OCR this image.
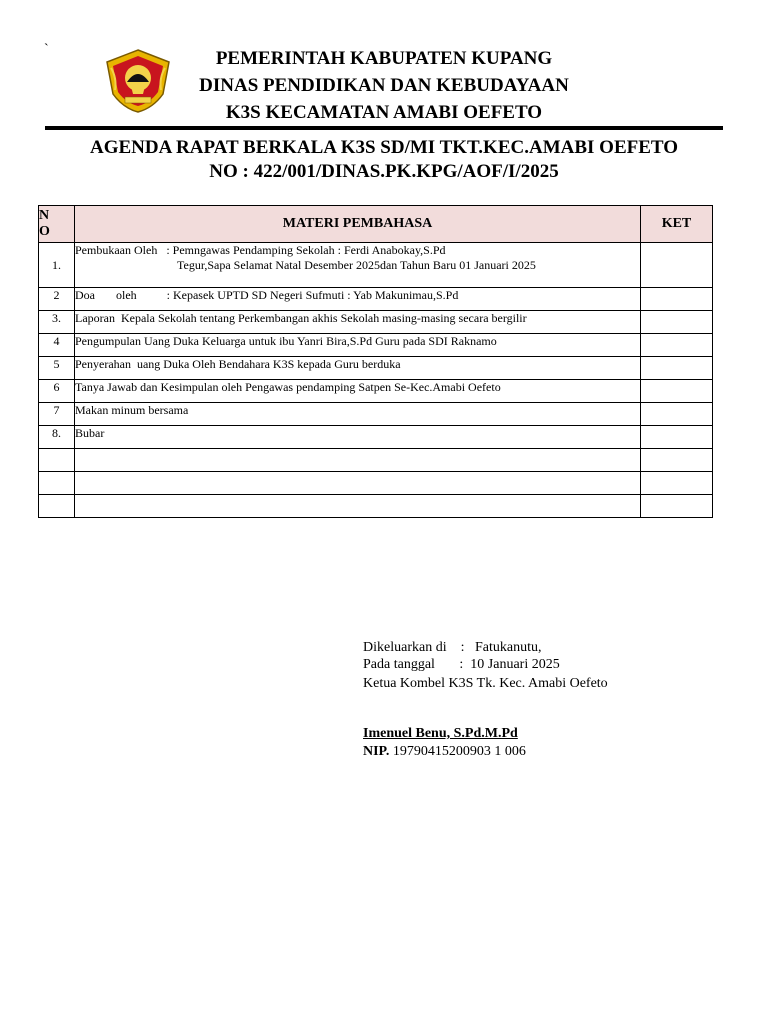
`	PEMERINTAH KABUPATEN KUPANG
DINAS PENDIDIKAN DAN KEBUDAYAAN
K3S KECAMATAN AMABI OEFETO
AGENDA RAPAT BERKALA K3S SD/MI TKT.KEC.AMABI OEFETO
NO : 422/001/DINAS.PK.KPG/AOF/I/2025
N
O	MATERI PEMBAHASA	KET
1.	Pembukaan Oleh   : Pemngawas Pendamping Sekolah : Ferdi Anabokay,S.Pd
Tegur,Sapa Selamat Natal Desember 2025dan Tahun Baru 01 Januari 2025	

2	Doa       oleh          : Kepasek UPTD SD Negeri Sufmuti : Yab Makunimau,S.Pd	
3.	Laporan  Kepala Sekolah tentang Perkembangan akhis Sekolah masing-masing secara bergilir	
4	Pengumpulan Uang Duka Keluarga untuk ibu Yanri Bira,S.Pd Guru pada SDI Raknamo	
5	Penyerahan  uang Duka Oleh Bendahara K3S kepada Guru berduka	
6	Tanya Jawab dan Kesimpulan oleh Pengawas pendamping Satpen Se-Kec.Amabi Oefeto	
7	Makan minum bersama	
8.	Bubar	

Dikeluarkan di    :   Fatukanutu,
Pada tanggal       :  10 Januari 2025
Ketua Kombel K3S Tk. Kec. Amabi Oefeto
Imenuel Benu, S.Pd.M.Pd
NIP. 19790415200903 1 006
